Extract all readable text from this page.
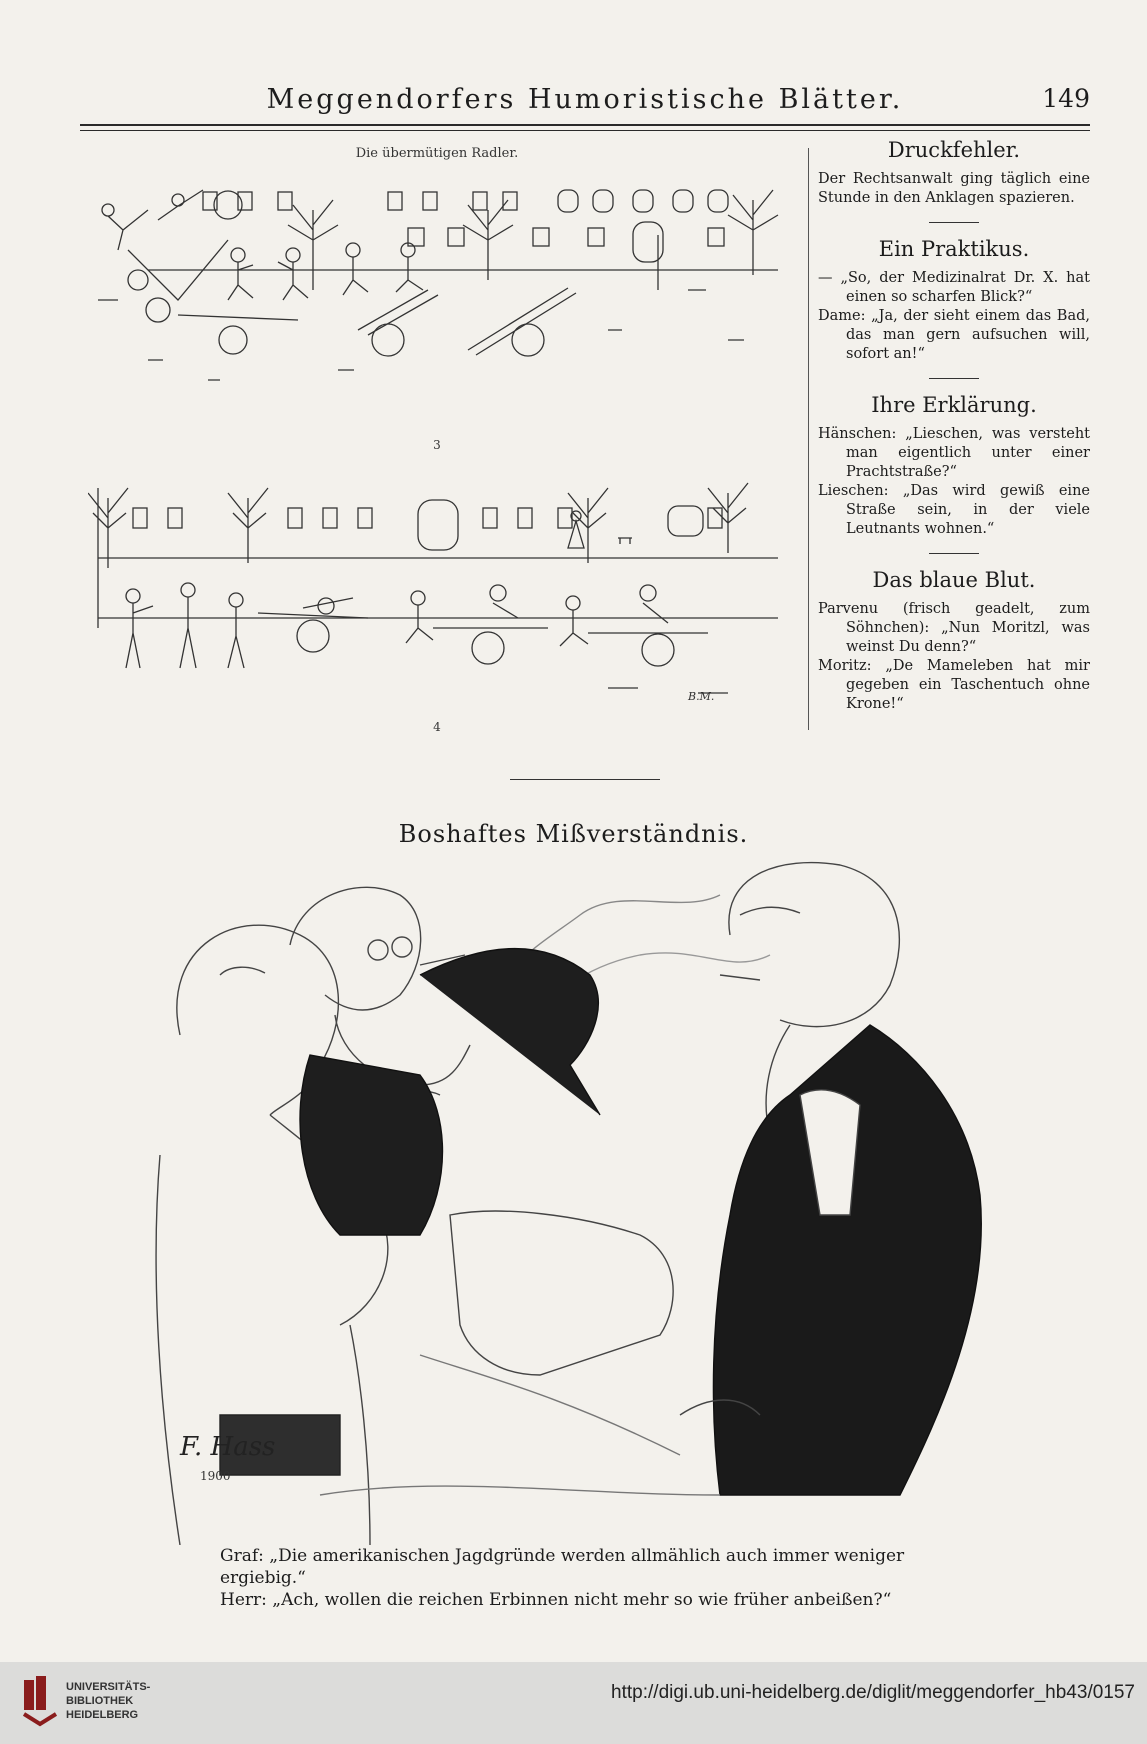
Meggendorfers Humoristische Blätter.	149
Die übermütigen Radler.
3
B.M.
4
Druckfehler.

Der Rechtsanwalt ging täglich eine Stunde in den Anklagen spazieren.

Ein Praktikus.

— „So, der Medizinalrat Dr. X. hat einen so scharfen Blick?“

Dame: „Ja, der sieht einem das Bad, das man gern aufsuchen will, sofort an!“

Ihre Erklärung.

Hänschen: „Lieschen, was versteht man eigentlich unter einer Prachtstraße?“

Lieschen: „Das wird gewiß eine Straße sein, in der viele Leutnants wohnen.“

Das blaue Blut.

Parvenu (frisch geadelt, zum Söhnchen): „Nun Moritzl, was weinst Du denn?“

Moritz: „De Mameleben hat mir gegeben ein Taschentuch ohne Krone!“

Boshaftes Mißverständnis.
F. Hass
1900

Graf: „Die amerikanischen Jagdgründe werden allmählich auch immer weniger ergiebig.“

Herr: „Ach, wollen die reichen Erbinnen nicht mehr so wie früher anbeißen?“

UNIVERSITÄTS-
BIBLIOTHEK
HEIDELBERG
http://digi.ub.uni-heidelberg.de/diglit/meggendorfer_hb43/0157
